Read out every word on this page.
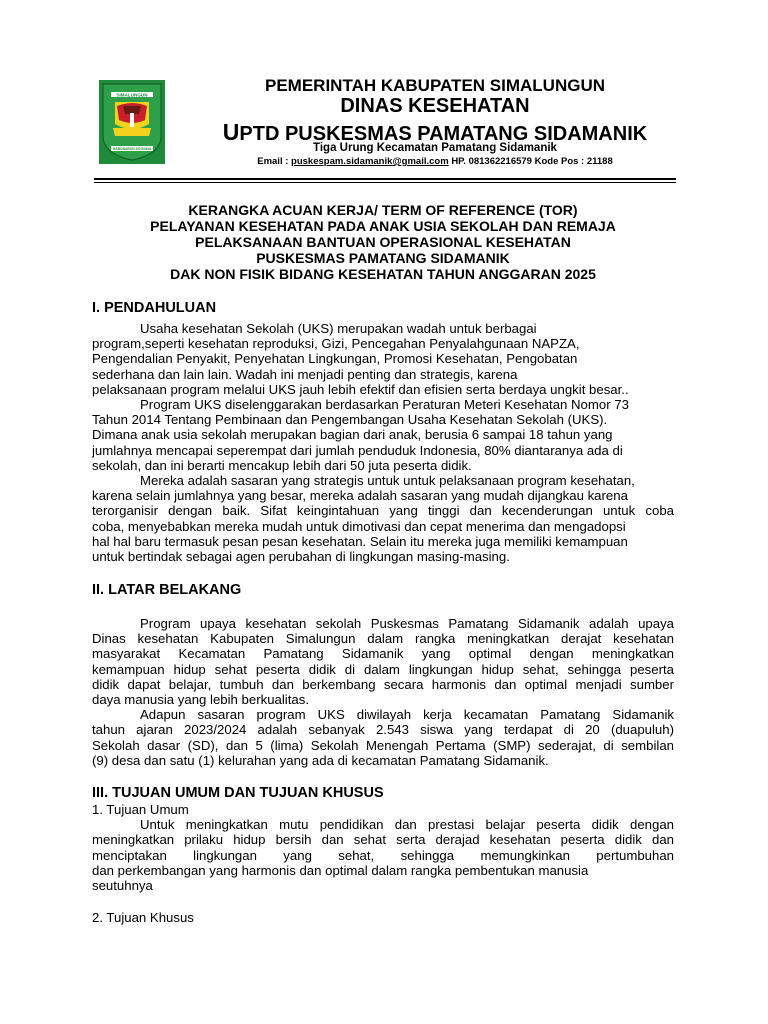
SIMALUNGUN
HABONARON DO BONA
PEMERINTAH KABUPATEN SIMALUNGUN
DINAS KESEHATAN
UPTD PUSKESMAS PAMATANG SIDAMANIK
Tiga Urung Kecamatan Pamatang Sidamanik
Email : puskespam.sidamanik@gmail.com HP. 081362216579 Kode Pos : 21188
KERANGKA ACUAN KERJA/ TERM OF REFERENCE (TOR)
PELAYANAN KESEHATAN PADA ANAK USIA SEKOLAH DAN REMAJA
PELAKSANAAN BANTUAN OPERASIONAL KESEHATAN
PUSKESMAS PAMATANG SIDAMANIK
DAK NON FISIK BIDANG KESEHATAN TAHUN ANGGARAN 2025
I. PENDAHULUAN
Usaha kesehatan Sekolah (UKS) merupakan wadah untuk berbagai
program,seperti kesehatan reproduksi, Gizi, Pencegahan Penyalahgunaan NAPZA,
Pengendalian Penyakit, Penyehatan Lingkungan, Promosi Kesehatan, Pengobatan
sederhana dan lain lain. Wadah ini menjadi penting dan strategis, karena
pelaksanaan program melalui UKS jauh lebih efektif dan efisien serta berdaya ungkit besar..
Program UKS diselenggarakan berdasarkan Peraturan Meteri Kesehatan Nomor 73
Tahun 2014 Tentang Pembinaan dan Pengembangan Usaha Kesehatan Sekolah (UKS).
Dimana anak usia sekolah merupakan bagian dari anak, berusia 6 sampai 18 tahun yang
jumlahnya mencapai seperempat dari jumlah penduduk Indonesia, 80% diantaranya ada di
sekolah, dan ini berarti mencakup lebih dari 50 juta peserta didik.
Mereka adalah sasaran yang strategis untuk untuk pelaksanaan program kesehatan,
karena selain jumlahnya yang besar, mereka adalah sasaran yang mudah dijangkau karena
terorganisir dengan baik. Sifat keingintahuan yang tinggi dan kecenderungan untuk coba
coba, menyebabkan mereka mudah untuk dimotivasi dan cepat menerima dan mengadopsi
hal hal baru termasuk pesan pesan kesehatan. Selain itu mereka juga memiliki kemampuan
untuk bertindak sebagai agen perubahan di lingkungan masing-masing.
II. LATAR BELAKANG
Program upaya kesehatan sekolah Puskesmas Pamatang Sidamanik adalah upaya
Dinas kesehatan Kabupaten Simalungun dalam rangka meningkatkan derajat kesehatan
masyarakat Kecamatan Pamatang Sidamanik yang optimal dengan meningkatkan
kemampuan hidup sehat peserta didik di dalam lingkungan hidup sehat, sehingga peserta
didik dapat belajar, tumbuh dan berkembang secara harmonis dan optimal menjadi sumber
daya manusia yang lebih berkualitas.
Adapun sasaran program UKS diwilayah kerja kecamatan Pamatang Sidamanik
tahun ajaran 2023/2024 adalah sebanyak 2.543 siswa yang terdapat di 20 (duapuluh)
Sekolah dasar (SD), dan 5 (lima) Sekolah Menengah Pertama (SMP) sederajat, di sembilan
(9) desa dan satu (1) kelurahan yang ada di kecamatan Pamatang Sidamanik.
III. TUJUAN UMUM DAN TUJUAN KHUSUS
1. Tujuan Umum
Untuk meningkatkan mutu pendidikan dan prestasi belajar peserta didik dengan
meningkatkan prilaku hidup bersih dan sehat serta derajad kesehatan peserta didik dan
menciptakan lingkungan yang sehat, sehingga memungkinkan pertumbuhan
dan perkembangan yang harmonis dan optimal dalam rangka pembentukan manusia
seutuhnya
2. Tujuan Khusus
